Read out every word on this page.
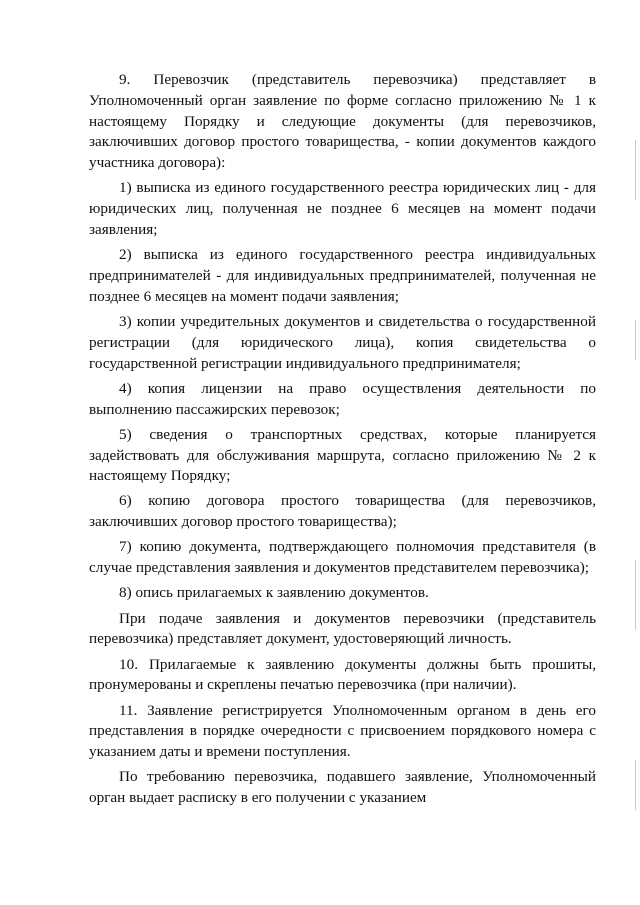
9. Перевозчик (представитель перевозчика) представляет в Уполномоченный орган заявление по форме согласно приложению № 1 к настоящему Порядку и следующие документы (для перевозчиков, заключивших договор простого товарищества, - копии документов каждого участника договора):

1) выписка из единого государственного реестра юридических лиц - для юридических лиц, полученная не позднее 6 месяцев на момент подачи заявления;

2) выписка из единого государственного реестра индивидуальных предпринимателей - для индивидуальных предпринимателей, полученная не позднее 6 месяцев на момент подачи заявления;

3) копии учредительных документов и свидетельства о государственной регистрации (для юридического лица), копия свидетельства о государственной регистрации индивидуального предпринимателя;

4) копия лицензии на право осуществления деятельности по выполнению пассажирских перевозок;

5) сведения о транспортных средствах, которые планируется задействовать для обслуживания маршрута, согласно приложению № 2 к настоящему Порядку;

6) копию договора простого товарищества (для перевозчиков, заключивших договор простого товарищества);

7) копию документа, подтверждающего полномочия представителя (в случае представления заявления и документов представителем перевозчика);

8) опись прилагаемых к заявлению документов.

При подаче заявления и документов перевозчики (представитель перевозчика) представляет документ, удостоверяющий личность.

10. Прилагаемые к заявлению документы должны быть прошиты, пронумерованы и скреплены печатью перевозчика (при наличии).

11. Заявление регистрируется Уполномоченным органом в день его представления в порядке очередности с присвоением порядкового номера с указанием даты и времени поступления.

По требованию перевозчика, подавшего заявление, Уполномоченный орган выдает расписку в его получении с указанием
